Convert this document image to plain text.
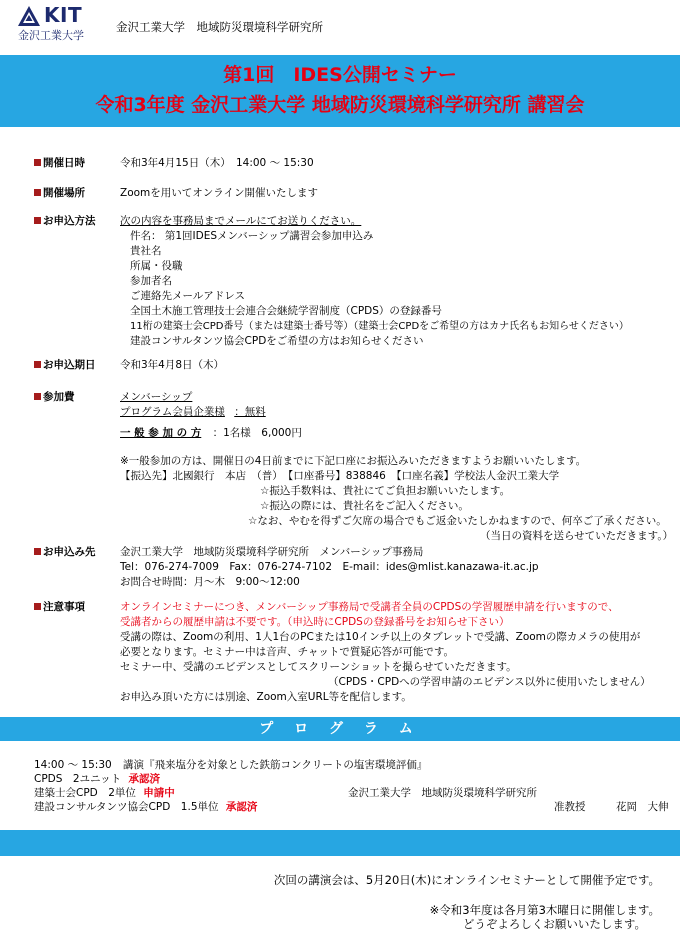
KIT
金沢工業大学
金沢工業大学　地域防災環境科学研究所
第1回　IDES公開セミナー
令和3年度 金沢工業大学 地域防災環境科学研究所 講習会
開催日時	令和3年4月15日（木）　14:00 ～ 15:30
開催場所	Zoomを用いてオンライン開催いたします
お申込方法 次の内容を事務局までメールにてお送りください。
件名： 第1回IDESメンバーシップ講習会参加申込み
貴社名
所属・役職
参加者名
ご連絡先メールアドレス
全国土木施工管理技士会連合会継続学習制度（CPDS）の登録番号
11桁の建築士会CPD番号（または建築士番号等）（建築士会CPDをご希望の方はカナ氏名もお知らせください）
建設コンサルタンツ協会CPDをご希望の方はお知らせください
お申込期日 令和3年4月8日（木）
参加費	メンバーシップ
プログラム会員企業様 ：無料
一 般 参 加 の 方 ：1名様　6,000円
※一般参加の方は、開催日の4日前までに下記口座にお振込みいただきますようお願いいたします。
【振込先】北國銀行　本店　（普）　【口座番号】838846　【口座名義】学校法人金沢工業大学
☆振込手数料は、貴社にてご負担お願いいたします。
☆振込の際には、貴社名をご記入ください。
☆なお、やむを得ずご欠席の場合でもご返金いたしかねますので、何卒ご了承ください。
（当日の資料を送らせていただきます。）
お申込み先 金沢工業大学　地域防災環境科学研究所　メンバーシップ事務局
Tel：076-274-7009　Fax：076-274-7102　E-mail：ides@mlist.kanazawa-it.ac.jp
お問合せ時間：月～木　9:00～12:00
注意事項	オンラインセミナーにつき、メンバーシップ事務局で受講者全員のCPDSの学習履歴申請を行いますので、
受講者からの履歴申請は不要です。（申込時にCPDSの登録番号をお知らせ下さい）
受講の際は、Zoomの利用、1人1台のPCまたは10インチ以上のタブレットで受講、Zoomの際カメラの使用が
必要となります。セミナー中は音声、チャットで質疑応答が可能です。
セミナー中、受講のエビデンスとしてスクリーンショットを撮らせていただきます。
（CPDS・CPDへの学習申請のエビデンス以外に使用いたしません）
お申込み頂いた方には別途、Zoom入室URL等を配信します。
プ ロ グ ラ ム
14:00 ～ 15:30 講演『飛来塩分を対象とした鉄筋コンクリートの塩害環境評価』
CPDS　2ユニット 承認済
建築士会CPD　2単位 申請中	金沢工業大学　地域防災環境科学研究所
建設コンサルタンツ協会CPD　1.5単位 承認済	准教授	花岡　大伸
次回の講演会は、5月20日(木)にオンラインセミナーとして開催予定です。
※令和3年度は各月第3木曜日に開催します。
どうぞよろしくお願いいたします。
